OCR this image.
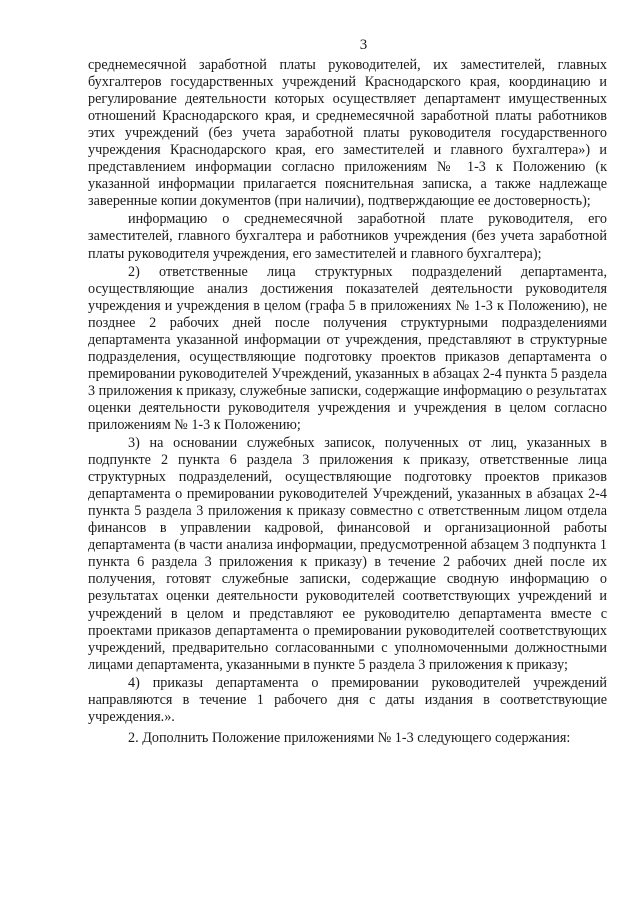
3

среднемесячной заработной платы руководителей, их заместителей, главных бухгалтеров государственных учреждений Краснодарского края, координацию и регулирование деятельности которых осуществляет департамент имущественных отношений Краснодарского края, и среднемесячной заработной платы работников этих учреждений (без учета заработной платы руководителя государственного учреждения Краснодарского края, его заместителей и главного бухгалтера») и представлением информации согласно приложениям № 1-3 к Положению (к указанной информации прилагается пояснительная записка, а также надлежаще заверенные копии документов (при наличии), подтверждающие ее достоверность);

информацию о среднемесячной заработной плате руководителя, его заместителей, главного бухгалтера и работников учреждения (без учета заработной платы руководителя учреждения, его заместителей и главного бухгалтера);

2) ответственные лица структурных подразделений департамента, осуществляющие анализ достижения показателей деятельности руководителя учреждения и учреждения в целом (графа 5 в приложениях № 1-3 к Положению), не позднее 2 рабочих дней после получения структурными подразделениями департамента указанной информации от учреждения, представляют в структурные подразделения, осуществляющие подготовку проектов приказов департамента о премировании руководителей Учреждений, указанных в абзацах 2-4 пункта 5 раздела 3 приложения к приказу, служебные записки, содержащие информацию о результатах оценки деятельности руководителя учреждения и учреждения в целом согласно приложениям № 1-3 к Положению;

3) на основании служебных записок, полученных от лиц, указанных в подпункте 2 пункта 6 раздела 3 приложения к приказу, ответственные лица структурных подразделений, осуществляющие подготовку проектов приказов департамента о премировании руководителей Учреждений, указанных в абзацах 2-4 пункта 5 раздела 3 приложения к приказу совместно с ответственным лицом отдела финансов в управлении кадровой, финансовой и организационной работы департамента (в части анализа информации, предусмотренной абзацем 3 подпункта 1 пункта 6 раздела 3 приложения к приказу) в течение 2 рабочих дней после их получения, готовят служебные записки, содержащие сводную информацию о результатах оценки деятельности руководителей соответствующих учреждений и учреждений в целом и представляют ее руководителю департамента вместе с проектами приказов департамента о премировании руководителей соответствующих учреждений, предварительно согласованными с уполномоченными должностными лицами департамента, указанными в пункте 5 раздела 3 приложения к приказу;

4) приказы департамента о премировании руководителей учреждений направляются в течение 1 рабочего дня с даты издания в соответствующие учреждения.».

2. Дополнить Положение приложениями № 1-3 следующего содержания:
